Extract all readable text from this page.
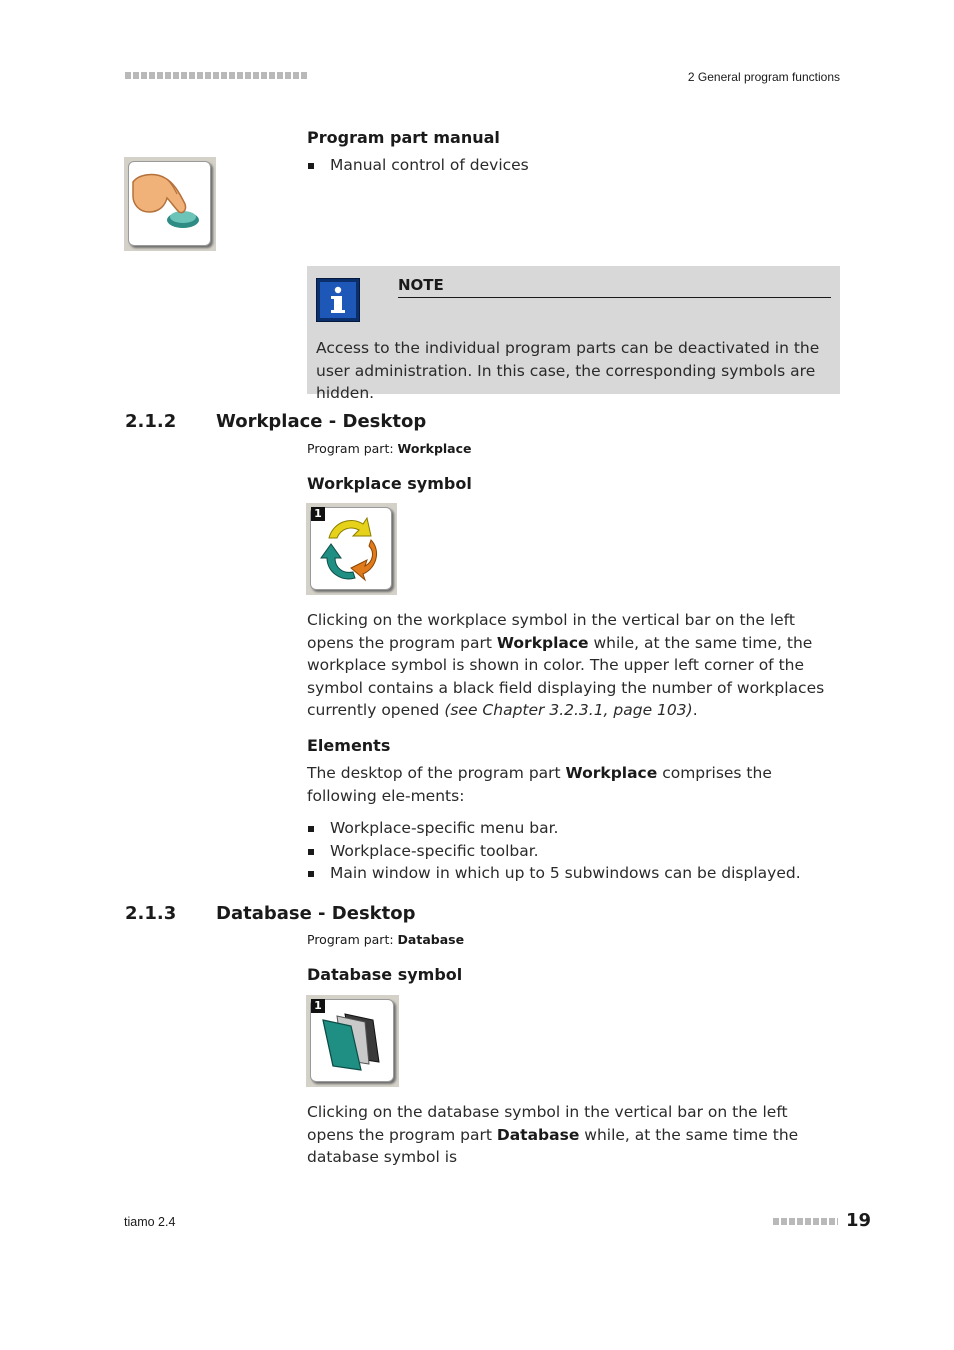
2 General program functions
Program part manual
Manual control of devices
NOTE
Access to the individual program parts can be deactivated in the user administration. In this case, the corresponding symbols are hidden.
2.1.2 Workplace - Desktop
Program part: Workplace
Workplace symbol
1
Clicking on the workplace symbol in the vertical bar on the left opens the program part Workplace while, at the same time, the workplace symbol is shown in color. The upper left corner of the symbol contains a black field displaying the number of workplaces currently opened (see Chapter 3.2.3.1, page 103).
Elements
The desktop of the program part Workplace comprises the following ele-ments:
Workplace-specific menu bar.
Workplace-specific toolbar.
Main window in which up to 5 subwindows can be displayed.
2.1.3 Database - Desktop
Program part: Database
Database symbol
1
Clicking on the database symbol in the vertical bar on the left opens the program part Database while, at the same time the database symbol is
tiamo 2.4	19
